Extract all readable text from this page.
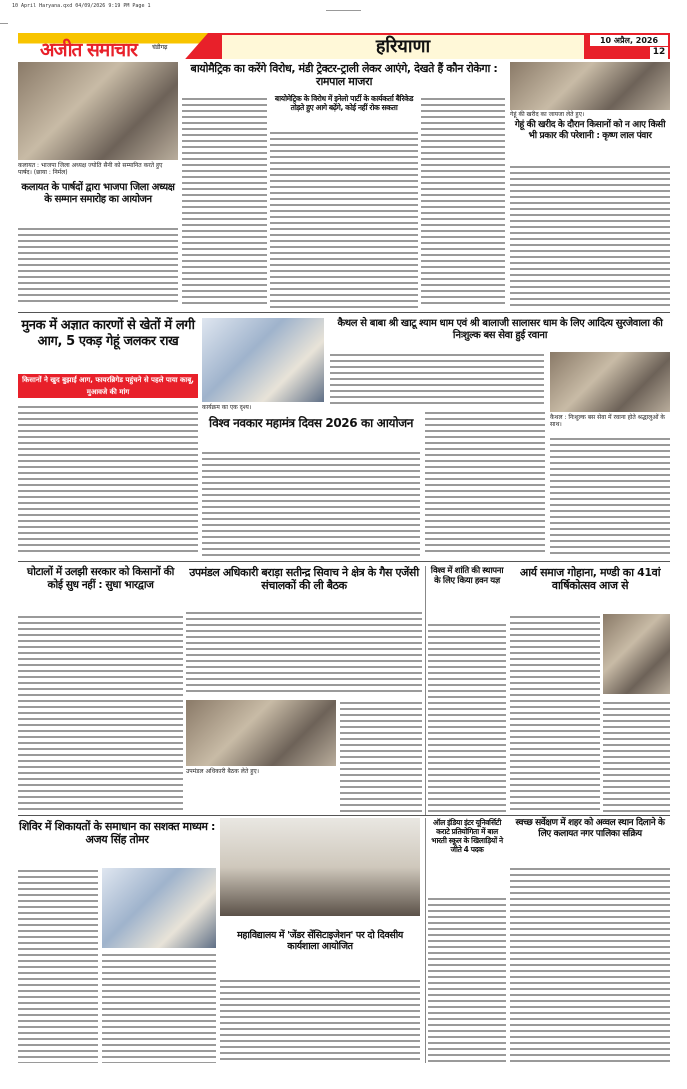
10 April Haryana.qxd 04/09/2026 9:19 PM Page 1
अजीत समाचार	चंडीगढ़	हरियाणा	10 अप्रैल, 2026
12
कलायत : भाजपा जिला अध्यक्ष ज्योति सैनी को सम्मानित करते हुए पार्षद। (छाया : निर्मल)
कलायत के पार्षदों द्वारा भाजपा जिला अध्यक्ष के सम्मान समारोह का आयोजन
बायोमैट्रिक का करेंगे विरोध, मंडी ट्रेक्टर-ट्राली लेकर आएंगे, देखते हैं कौन रोकेगा : रामपाल माजरा
बायोमेट्रिक के विरोध में इनेलो पार्टी के कार्यकर्ता बैरिकेड तोड़ते हुए आगे बढ़ेंगे, कोई नहीं रोक सकता
गेहूं की खरीद का जायजा लेते हुए।
गेहूं की खरीद के दौरान किसानों को न आए किसी भी प्रकार की परेशानी : कृष्ण लाल पंवार
मुनक में अज्ञात कारणों से खेतों में लगी आग, 5 एकड़ गेहूं जलकर राख
किसानों ने खुद बुझाई आग, फायरब्रिगेड पहुंचने से पहले पाया काबू, मुआवजे की मांग
कार्यक्रम का एक दृश्य।
विश्व नवकार महामंत्र दिवस 2026 का आयोजन
कैथल से बाबा श्री खाटू श्याम धाम एवं श्री बालाजी सालासर धाम के लिए आदित्य सुरजेवाला की निःशुल्क बस सेवा हुई रवाना
कैथल : निःशुल्क बस सेवा में रवाना होते श्रद्धालुओं के साथ।
घोटालों में उलझी सरकार को किसानों की कोई सुध नहीं : सुधा भारद्वाज
उपमंडल अधिकारी बराड़ा सतीन्द्र सिवाच ने क्षेत्र के गैस एजेंसी संचालकों की ली बैठक
उपमंडल अधिकारी बैठक लेते हुए।
विश्व में शांति की स्थापना के लिए किया हवन यज्ञ
आर्य समाज गोहाना, मण्डी का 41वां वार्षिकोत्सव आज से
शिविर में शिकायतों के समाधान का सशक्त माध्यम : अजय सिंह तोमर
महाविद्यालय में 'जेंडर सेंसिटाइजेशन' पर दो दिवसीय कार्यशाला आयोजित
ऑल इंडिया इंटर यूनिवर्सिटी कराटे प्रतियोगिता में बाल भारती स्कूल के खिलाड़ियों ने जीते 4 पदक
स्वच्छ सर्वेक्षण में शहर को अव्वल स्थान दिलाने के लिए कलायत नगर पालिका सक्रिय
